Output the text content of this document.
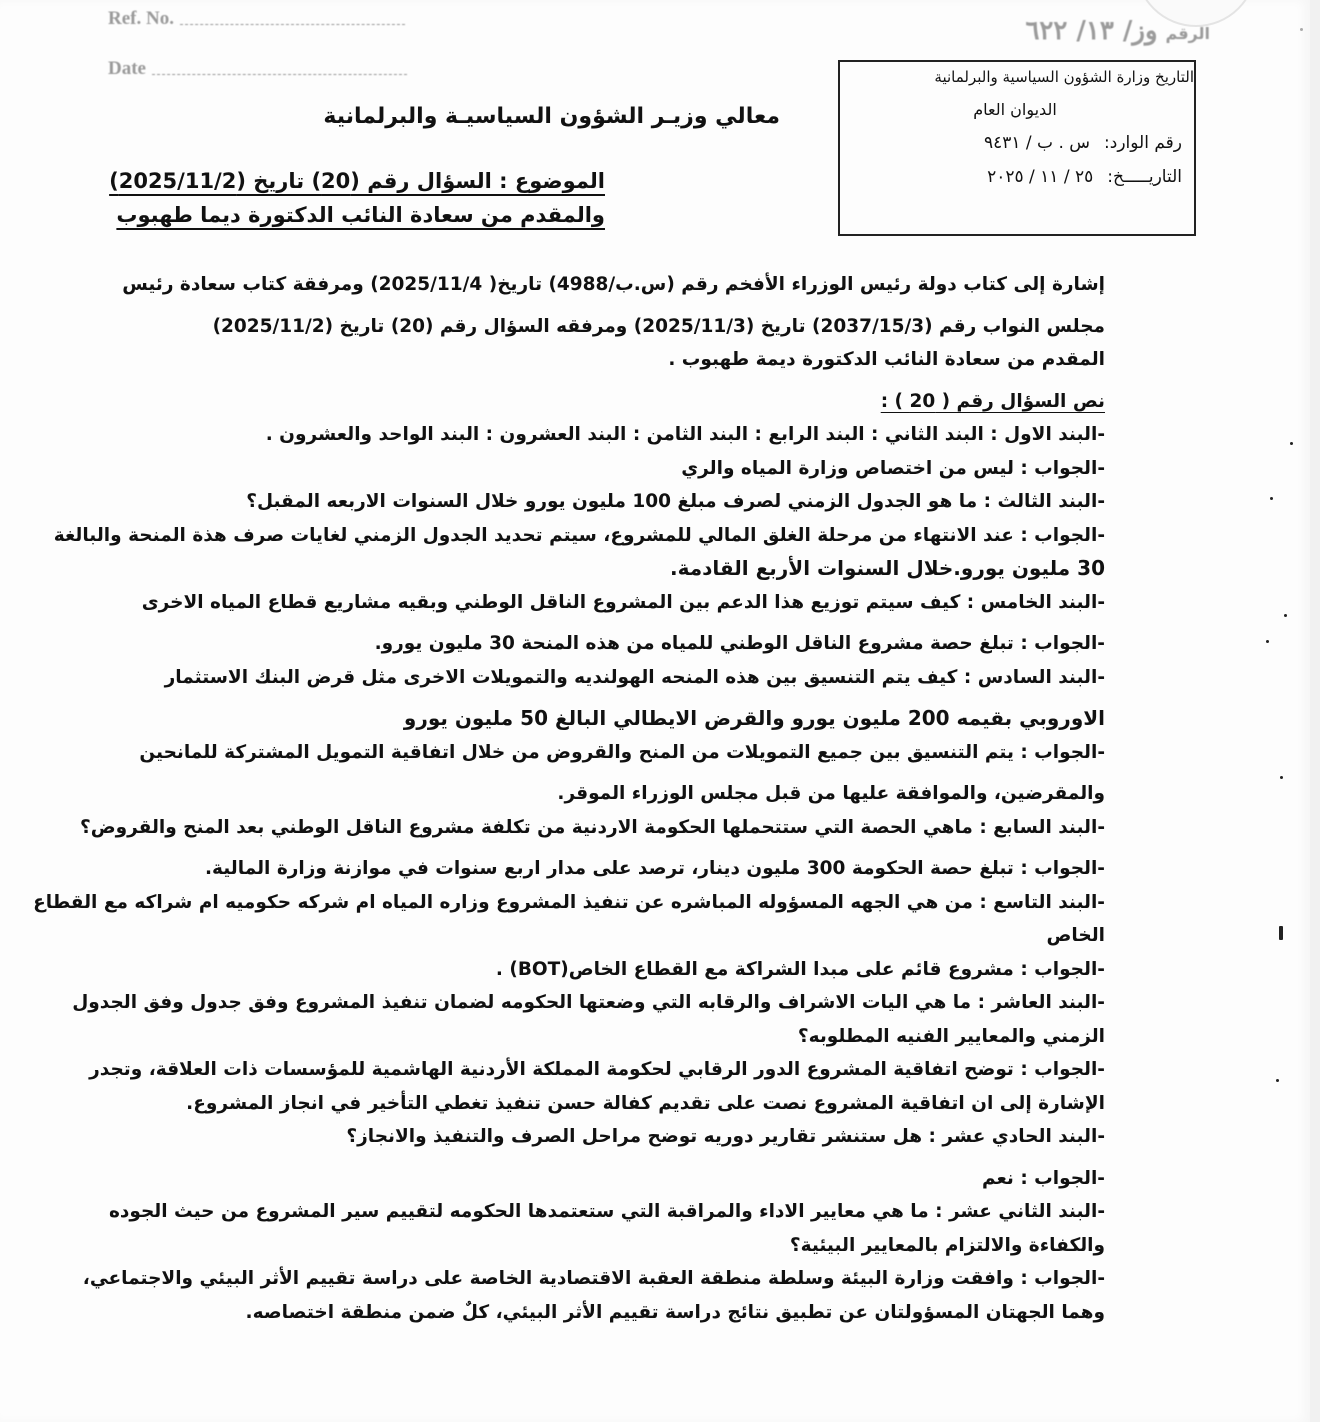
Ref. No.
Date
الرقم
وز/ ١٣/ ٦٢٢
التاريخ وزارة الشؤون السياسية والبرلمانية
الديوان العام
رقم الوارد:
س . ب / ٩٤٣١
التاريـــــخ:
٢٥ / ١١ / ٢٠٢٥
معالي وزيـر الشؤون السياسيـة والبرلمانية
الموضوع : السؤال رقم (20) تاريخ (2025/11/2)
والمقدم من سعادة النائب الدكتورة ديما طهبوب

إشارة إلى كتاب دولة رئيس الوزراء الأفخم رقم (س.ب/4988) تاريخ( 2025/11/4) ومرفقة كتاب سعادة رئيس

مجلس النواب رقم (2037/15/3) تاريخ (2025/11/3) ومرفقه السؤال رقم (20) تاريخ (2025/11/2)

المقدم من سعادة النائب الدكتورة ديمة طهبوب .

نص السؤال رقم ( 20 ) :

-البند الاول : البند الثاني : البند الرابع : البند الثامن : البند العشرون : البند الواحد والعشرون .

-الجواب : ليس من اختصاص وزارة المياه والري

-البند الثالث : ما هو الجدول الزمني لصرف مبلغ 100 مليون يورو خلال السنوات الاربعه المقبل؟

-الجواب : عند الانتهاء من مرحلة الغلق المالي للمشروع، سيتم تحديد الجدول الزمني لغايات صرف هذة المنحة والبالغة

30 مليون يورو.خلال السنوات الأربع القادمة.

-البند الخامس : كيف سيتم توزيع هذا الدعم بين المشروع الناقل الوطني وبقيه مشاريع قطاع المياه الاخرى

-الجواب : تبلغ حصة مشروع الناقل الوطني للمياه من هذه المنحة 30 مليون يورو.

-البند السادس : كيف يتم التنسيق بين هذه المنحه الهولنديه والتمويلات الاخرى مثل قرض البنك الاستثمار

الاوروبي بقيمه 200 مليون يورو والقرض الايطالي البالغ 50 مليون يورو

-الجواب : يتم التنسيق بين جميع التمويلات من المنح والقروض من خلال اتفاقية التمويل المشتركة للمانحين

والمقرضين، والموافقة عليها من قبل مجلس الوزراء الموقر.

-البند السابع : ماهي الحصة التي ستتحملها الحكومة الاردنية من تكلفة مشروع الناقل الوطني بعد المنح والقروض؟

-الجواب : تبلغ حصة الحكومة 300 مليون دينار، ترصد على مدار اربع سنوات في موازنة وزارة المالية.

-البند التاسع : من هي الجهه المسؤوله المباشره عن تنفيذ المشروع وزاره المياه ام شركه حكوميه ام شراكه مع القطاع

الخاص

-الجواب : مشروع قائم على مبدا الشراكة مع القطاع الخاص(BOT) .

-البند العاشر : ما هي اليات الاشراف والرقابه التي وضعتها الحكومه لضمان تنفيذ المشروع وفق جدول وفق الجدول

الزمني والمعايير الفنيه المطلوبه؟

-الجواب : توضح اتفاقية المشروع الدور الرقابي لحكومة المملكة الأردنية الهاشمية للمؤسسات ذات العلاقة، وتجدر

الإشارة إلى ان اتفاقية المشروع نصت على تقديم كفالة حسن تنفيذ تغطي التأخير في انجاز المشروع.

-البند الحادي عشر : هل ستنشر تقارير دوريه توضح مراحل الصرف والتنفيذ والانجاز؟

-الجواب : نعم

-البند الثاني عشر : ما هي معايير الاداء والمراقبة التي ستعتمدها الحكومه لتقييم سير المشروع من حيث الجوده

والكفاءة والالتزام بالمعايير البيئية؟

-الجواب : وافقت وزارة البيئة وسلطة منطقة العقبة الاقتصادية الخاصة على دراسة تقييم الأثر البيئي والاجتماعي،

وهما الجهتان المسؤولتان عن تطبيق نتائج دراسة تقييم الأثر البيئي، كلٌ ضمن منطقة اختصاصه.
